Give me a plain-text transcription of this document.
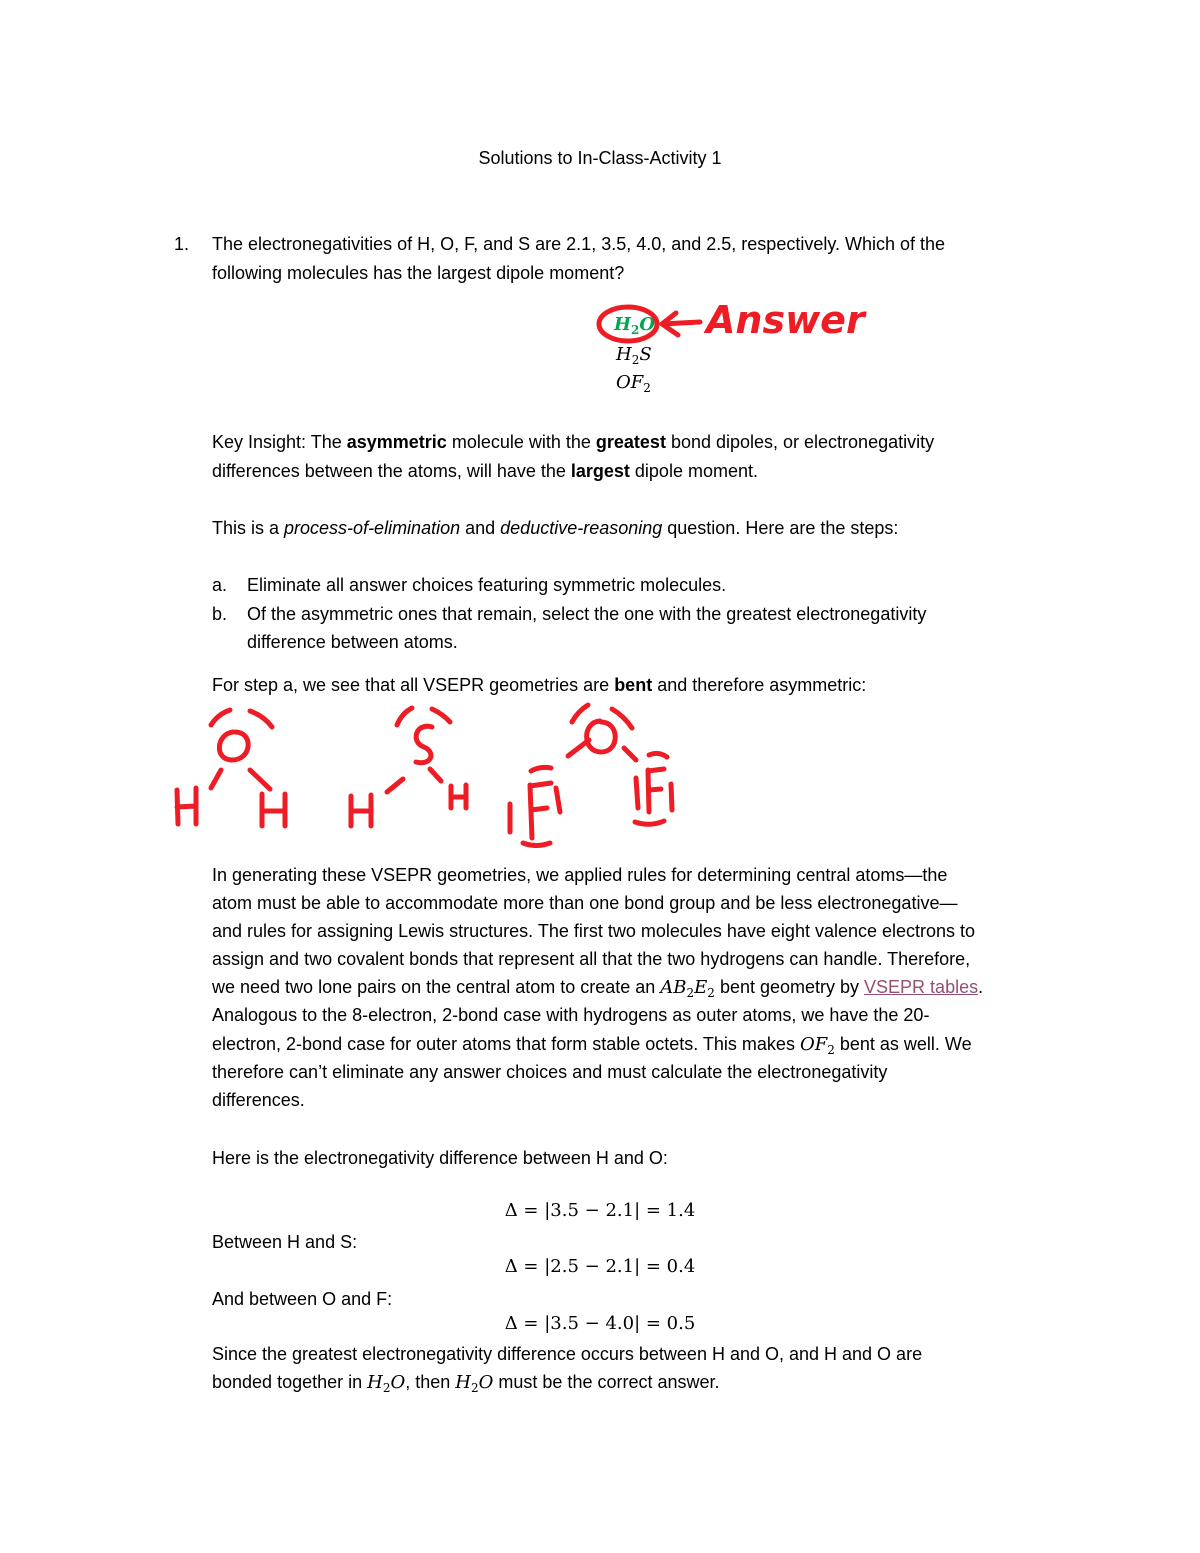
Solutions to In-Class-Activity 1
1. The electronegativities of H, O, F, and S are 2.1, 3.5, 4.0, and 2.5, respectively. Which of the
following molecules has the largest dipole moment?
$H_2O$
$H_2S$
$OF_2$
Key Insight: The asymmetric molecule with the greatest bond dipoles, or electronegativity
differences between the atoms, will have the largest dipole moment.
This is a process-of-elimination and deductive-reasoning question. Here are the steps:
a. Eliminate all answer choices featuring symmetric molecules.
b. Of the asymmetric ones that remain, select the one with the greatest electronegativity
difference between atoms.
For step a, we see that all VSEPR geometries are bent and therefore asymmetric:
In generating these VSEPR geometries, we applied rules for determining central atoms—the
atom must be able to accommodate more than one bond group and be less electronegative—
and rules for assigning Lewis structures. The first two molecules have eight valence electrons to
assign and two covalent bonds that represent all that the two hydrogens can handle. Therefore,
we need two lone pairs on the central atom to create an $AB_2E_2$ bent geometry by VSEPR tables.
Analogous to the 8-electron, 2-bond case with hydrogens as outer atoms, we have the 20-
electron, 2-bond case for outer atoms that form stable octets. This makes $OF_2$ bent as well. We
therefore can’t eliminate any answer choices and must calculate the electronegativity
differences.
Here is the electronegativity difference between H and O:
Δ = |3.5 − 2.1| = 1.4
Between H and S:
Δ = |2.5 − 2.1| = 0.4
And between O and F:
Δ = |3.5 − 4.0| = 0.5
Since the greatest electronegativity difference occurs between H and O, and H and O are
bonded together in $H_2O$, then $H_2O$ must be the correct answer.
Answer
